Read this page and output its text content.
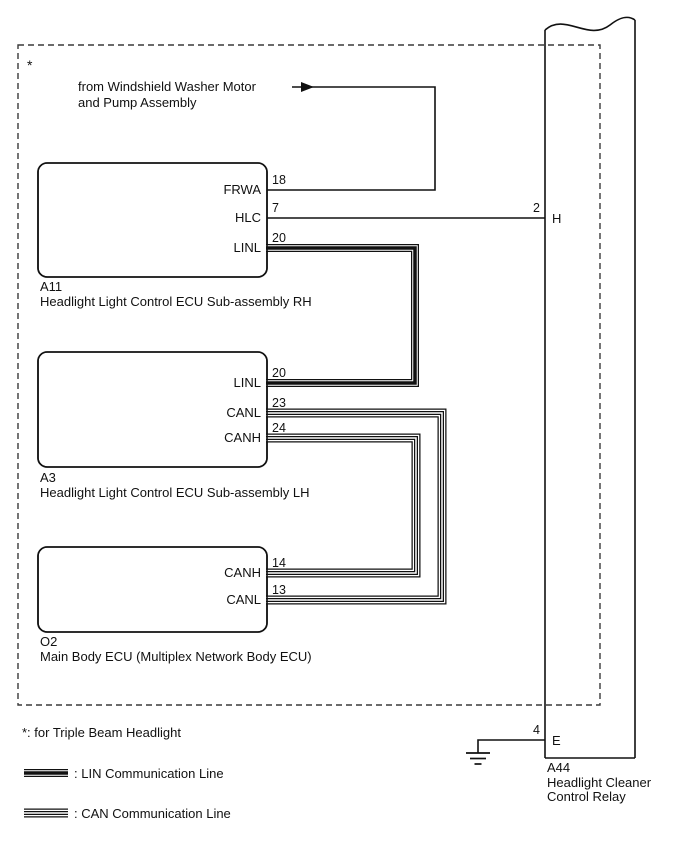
*
from Windshield Washer Motor
and Pump Assembly
FRWA
18
HLC
7
LINL
20
A11
Headlight Light Control ECU Sub-assembly RH
LINL
20
CANL
23
CANH
24
A3
Headlight Light Control ECU Sub-assembly LH
CANH
14
CANL
13
O2
Main Body ECU (Multiplex Network Body ECU)
2
H
4
E
A44
Headlight Cleaner
Control Relay
*: for Triple Beam Headlight
: LIN Communication Line
: CAN Communication Line
